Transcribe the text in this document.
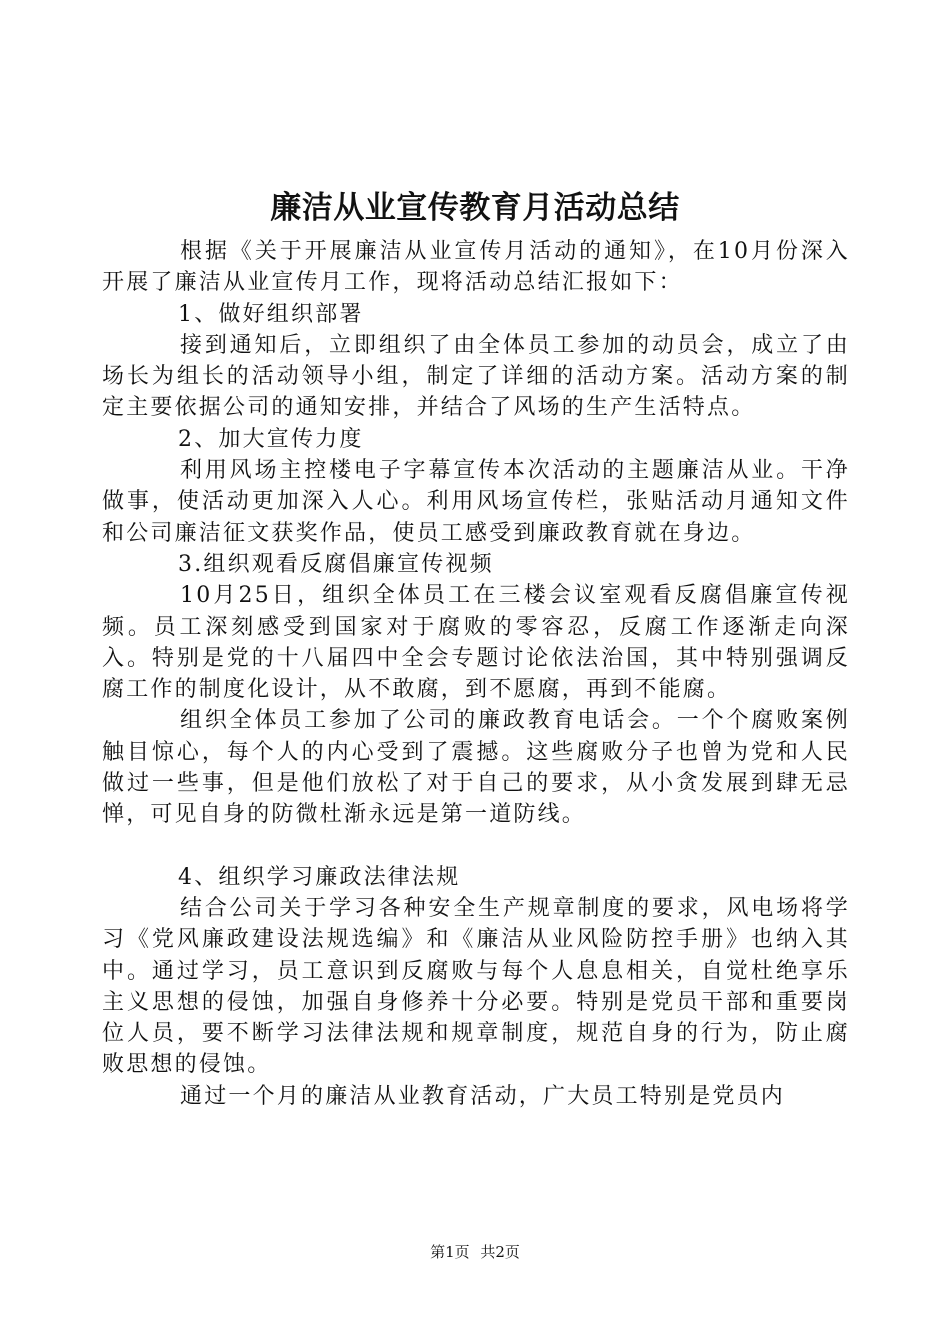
廉洁从业宣传教育月活动总结

根据《关于开展廉洁从业宣传月活动的通知》，在10月份深入开展了廉洁从业宣传月工作，现将活动总结汇报如下：

1、做好组织部署

接到通知后，立即组织了由全体员工参加的动员会，成立了由场长为组长的活动领导小组，制定了详细的活动方案。活动方案的制定主要依据公司的通知安排，并结合了风场的生产生活特点。

2、加大宣传力度

利用风场主控楼电子字幕宣传本次活动的主题廉洁从业。干净做事，使活动更加深入人心。利用风场宣传栏，张贴活动月通知文件和公司廉洁征文获奖作品，使员工感受到廉政教育就在身边。

3.组织观看反腐倡廉宣传视频

10月25日，组织全体员工在三楼会议室观看反腐倡廉宣传视频。员工深刻感受到国家对于腐败的零容忍，反腐工作逐渐走向深入。特别是党的十八届四中全会专题讨论依法治国，其中特别强调反腐工作的制度化设计，从不敢腐，到不愿腐，再到不能腐。

组织全体员工参加了公司的廉政教育电话会。一个个腐败案例触目惊心，每个人的内心受到了震撼。这些腐败分子也曾为党和人民做过一些事，但是他们放松了对于自己的要求，从小贪发展到肆无忌惮，可见自身的防微杜渐永远是第一道防线。

4、组织学习廉政法律法规

结合公司关于学习各种安全生产规章制度的要求，风电场将学习《党风廉政建设法规选编》和《廉洁从业风险防控手册》也纳入其中。通过学习，员工意识到反腐败与每个人息息相关，自觉杜绝享乐主义思想的侵蚀，加强自身修养十分必要。特别是党员干部和重要岗位人员，要不断学习法律法规和规章制度，规范自身的行为，防止腐败思想的侵蚀。

通过一个月的廉洁从业教育活动，广大员工特别是党员内

第1页 共2页
